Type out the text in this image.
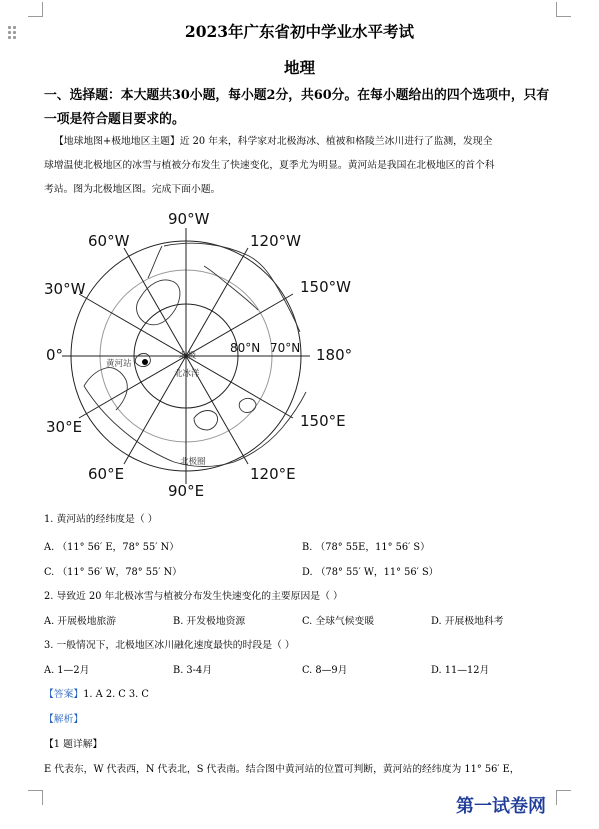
2023年广东省初中学业水平考试
地理
一、选择题：本大题共30小题，每小题2分，共60分。在每小题给出的四个选项中，只有
一项是符合题目要求的。
【地球地图+极地地区主题】近 20 年来，科学家对北极海冰、植被和格陵兰冰川进行了监测，发现全
球增温使北极地区的冰雪与植被分布发生了快速变化，夏季尤为明显。黄河站是我国在北极地区的首个科
考站。图为北极地区图。完成下面小题。
90°W
60°W	120°W
30°W	150°W
0°	180°
30°E	150°E
60°E	120°E
90°E
80°N 70°N
北极
北冰洋
黄河站
北极圈
1. 黄河站的经纬度是（ ）
A. （11° 56′ E，78° 55′ N）	B. （78° 55E，11° 56′ S）
C. （11° 56′ W，78° 55′ N）	D. （78° 55′ W，11° 56′ S）
2. 导致近 20 年北极冰雪与植被分布发生快速变化的主要原因是（ ）
A. 开展极地旅游	B. 开发极地资源	C. 全球气候变暖	D. 开展极地科考
3. 一般情况下，北极地区冰川融化速度最快的时段是（ ）
A. 1—2月	B. 3-4月	C. 8—9月	D. 11—12月
【答案】1. A 2. C 3. C
【解析】
【1 题详解】
E 代表东，W 代表西，N 代表北，S 代表南。结合图中黄河站的位置可判断，黄河站的经纬度为 11° 56′ E，
第一试卷网
